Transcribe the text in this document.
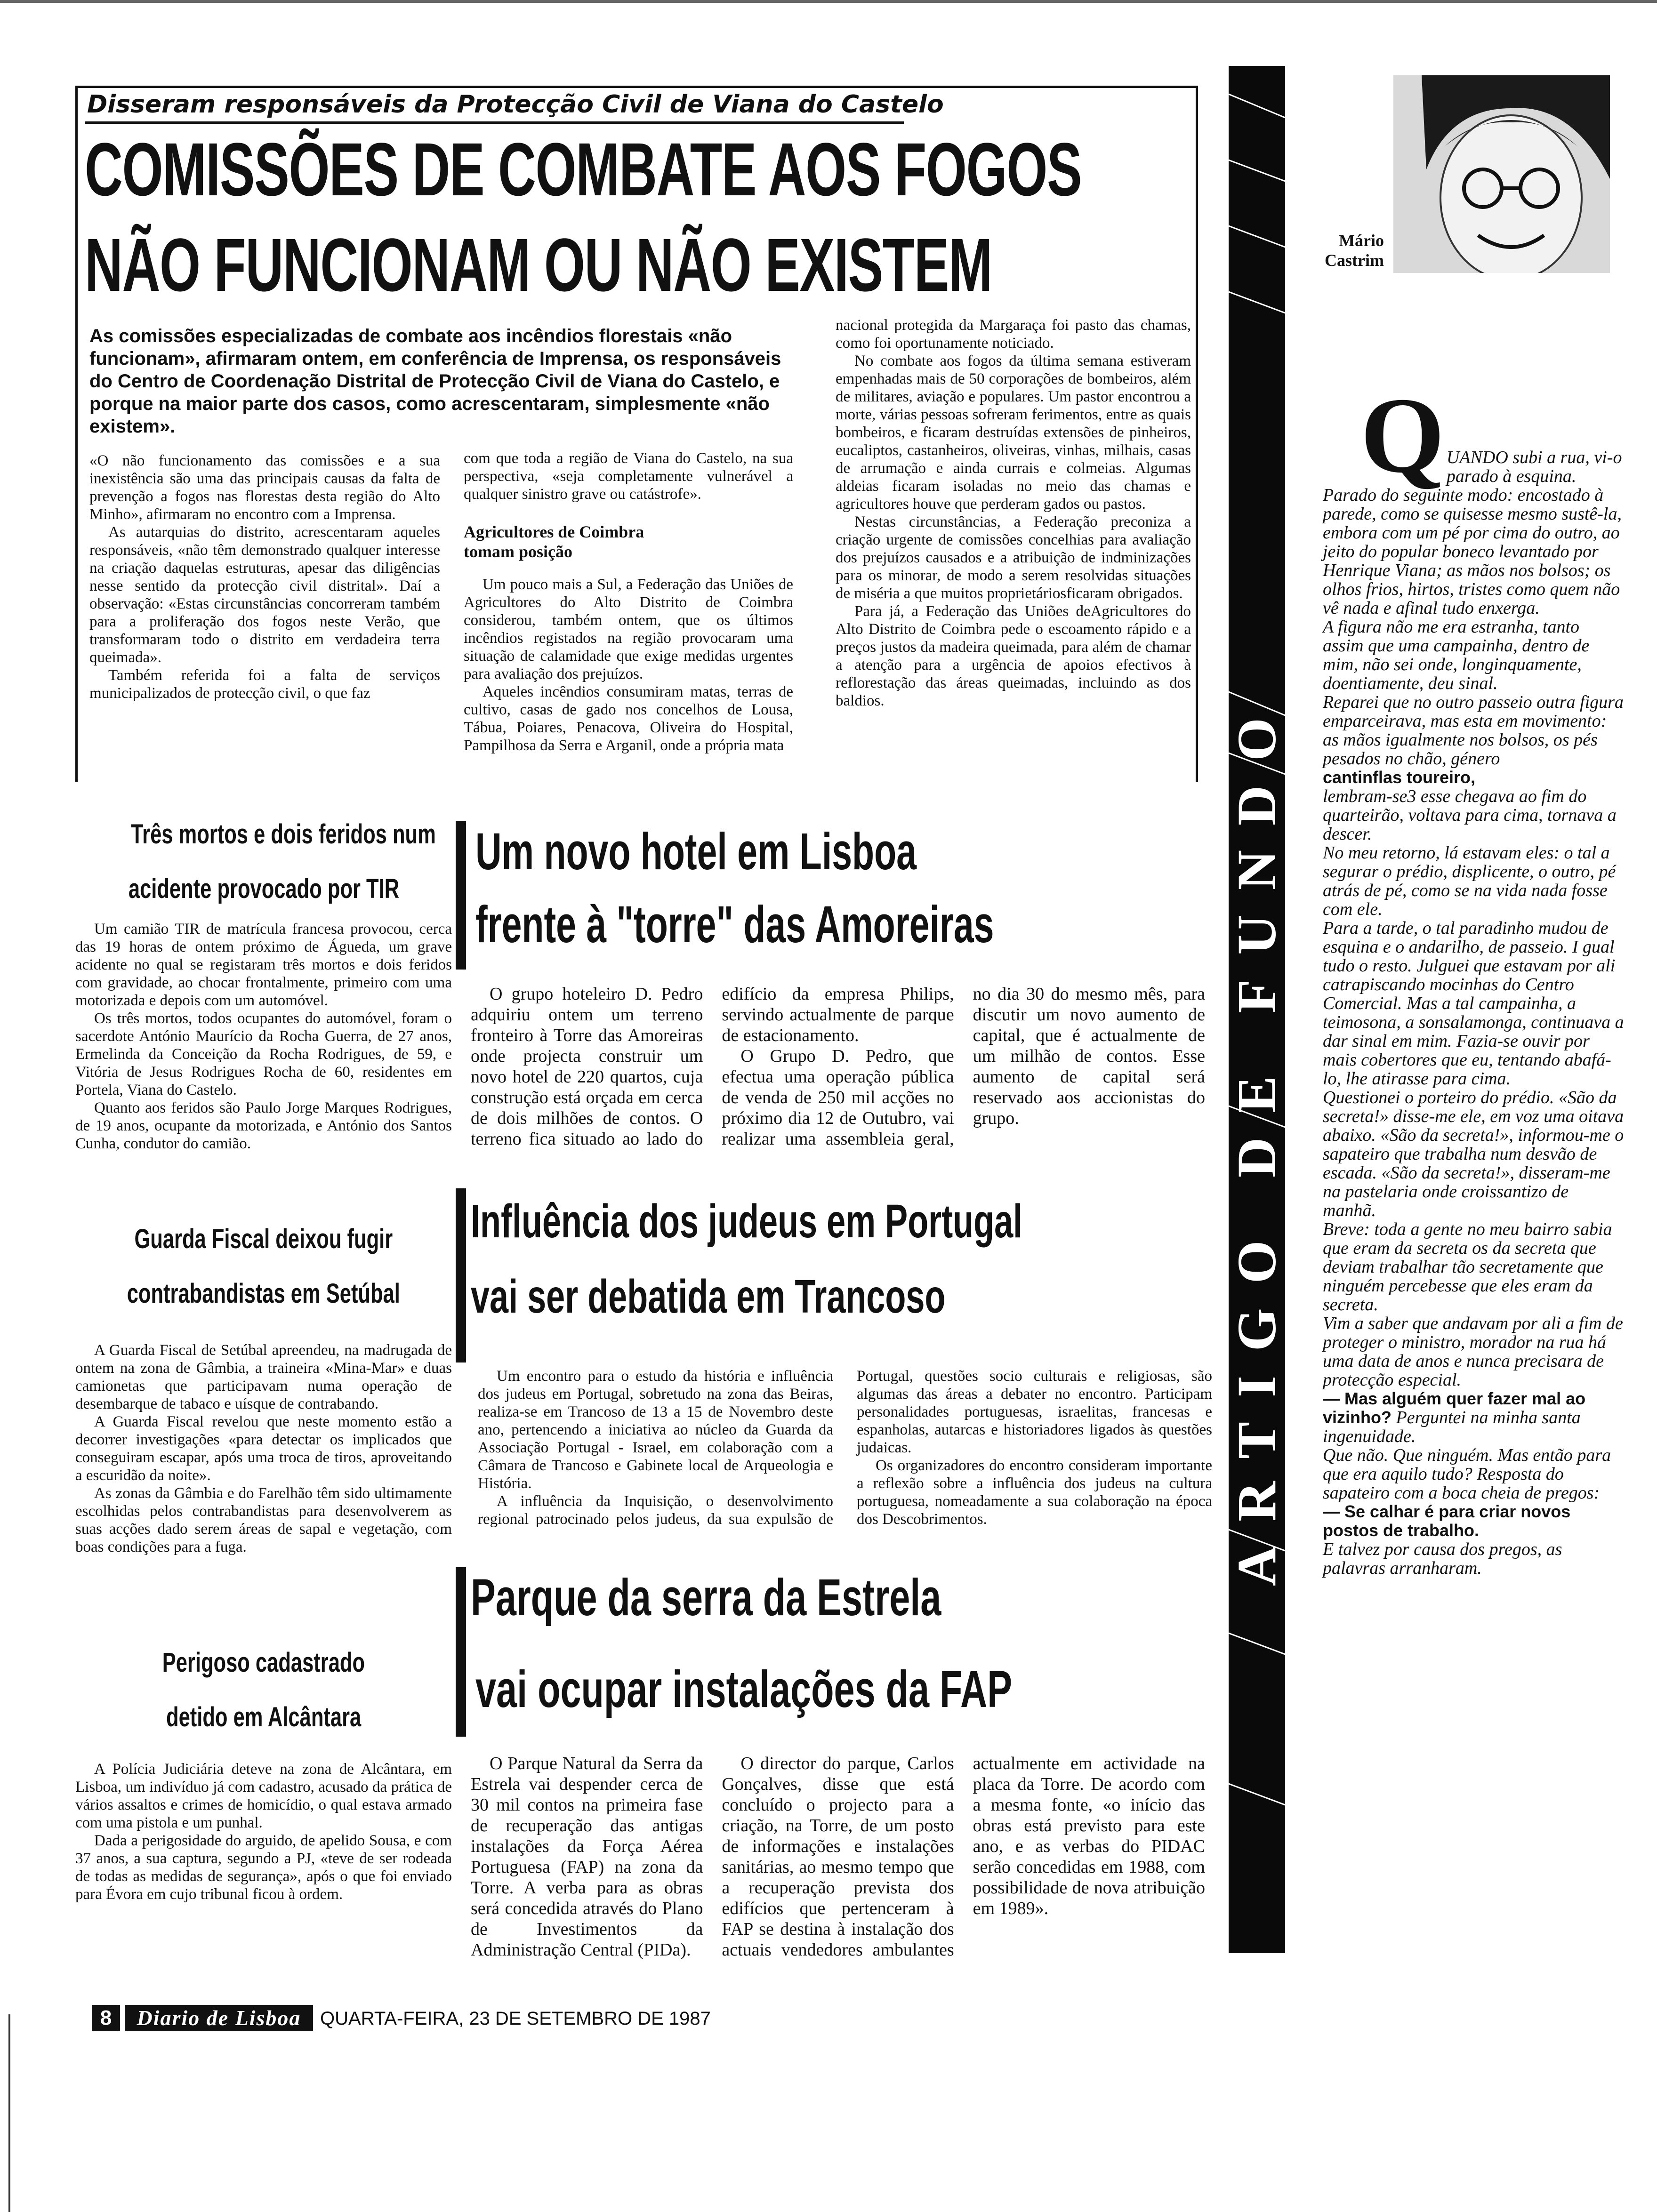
Disseram responsáveis da Protecção Civil de Viana do Castelo
COMISSÕES DE COMBATE AOS FOGOS
NÃO FUNCIONAM OU NÃO EXISTEM

As comissões especializadas de combate aos incêndios florestais «não funcionam», afirmaram ontem, em conferência de Imprensa, os responsáveis do Centro de Coordenação Distrital de Protecção Civil de Viana do Castelo, e porque na maior parte dos casos, como acrescentaram, simplesmente «não existem».

«O não funcionamento das comissões e a sua inexistência são uma das principais causas da falta de prevenção a fogos nas florestas desta região do Alto Minho», afirmaram no encontro com a Imprensa.

As autarquias do distrito, acrescentaram aqueles responsáveis, «não têm demonstrado qualquer interesse na criação daquelas estruturas, apesar das diligências nesse sentido da protecção civil distrital». Daí a observação: «Estas circunstâncias concorreram também para a proliferação dos fogos neste Verão, que transformaram todo o distrito em verdadeira terra queimada».

Também referida foi a falta de serviços municipalizados de protecção civil, o que faz

com que toda a região de Viana do Castelo, na sua perspectiva, «seja completamente vulnerável a qualquer sinistro grave ou catástrofe».

Agricultores de Coimbra
tomam posição

Um pouco mais a Sul, a Federação das Uniões de Agricultores do Alto Distrito de Coimbra considerou, também ontem, que os últimos incêndios registados na região provocaram uma situação de calamidade que exige medidas urgentes para avaliação dos prejuízos.

Aqueles incêndios consumiram matas, terras de cultivo, casas de gado nos concelhos de Lousa, Tábua, Poiares, Penacova, Oliveira do Hospital, Pampilhosa da Serra e Arganil, onde a própria mata

nacional protegida da Margaraça foi pasto das chamas, como foi oportunamente noticiado.

No combate aos fogos da última semana estiveram empenhadas mais de 50 corporações de bombeiros, além de militares, aviação e populares. Um pastor encontrou a morte, várias pessoas sofreram ferimentos, entre as quais bombeiros, e ficaram destruídas extensões de pinheiros, eucaliptos, castanheiros, oliveiras, vinhas, milhais, casas de arrumação e ainda currais e colmeias. Algumas aldeias ficaram isoladas no meio das chamas e agricultores houve que perderam gados ou pastos.

Nestas circunstâncias, a Federação preconiza a criação urgente de comissões concelhias para avaliação dos prejuízos causados e a atribuição de indminizações para os minorar, de modo a serem resolvidas situações de miséria a que muitos proprietáriosficaram obrigados.

Para já, a Federação das Uniões deAgricultores do Alto Distrito de Coimbra pede o escoamento rápido e a preços justos da madeira queimada, para além de chamar a atenção para a urgência de apoios efectivos à reflorestação das áreas queimadas, incluindo as dos baldios.

Três mortos e dois feridos num
acidente provocado por TIR

Um camião TIR de matrícula francesa provocou, cerca das 19 horas de ontem próximo de Águeda, um grave acidente no qual se registaram três mortos e dois feridos com gravidade, ao chocar frontalmente, primeiro com uma motorizada e depois com um automóvel.

Os três mortos, todos ocupantes do automóvel, foram o sacerdote António Maurício da Rocha Guerra, de 27 anos, Ermelinda da Conceição da Rocha Rodrigues, de 59, e Vitória de Jesus Rodrigues Rocha de 60, residentes em Portela, Viana do Castelo.

Quanto aos feridos são Paulo Jorge Marques Rodrigues, de 19 anos, ocupante da motorizada, e António dos Santos Cunha, condutor do camião.

Guarda Fiscal deixou fugir
contrabandistas em Setúbal

A Guarda Fiscal de Setúbal apreendeu, na madrugada de ontem na zona de Gâmbia, a traineira «Mina-Mar» e duas camionetas que participavam numa operação de desembarque de tabaco e uísque de contrabando.

A Guarda Fiscal revelou que neste momento estão a decorrer investigações «para detectar os implicados que conseguiram escapar, após uma troca de tiros, aproveitando a escuridão da noite».

As zonas da Gâmbia e do Farelhão têm sido ultimamente escolhidas pelos contrabandistas para desenvolverem as suas acções dado serem áreas de sapal e vegetação, com boas condições para a fuga.

Perigoso cadastrado
detido em Alcântara

A Polícia Judiciária deteve na zona de Alcântara, em Lisboa, um indivíduo já com cadastro, acusado da prática de vários assaltos e crimes de homicídio, o qual estava armado com uma pistola e um punhal.

Dada a perigosidade do arguido, de apelido Sousa, e com 37 anos, a sua captura, segundo a PJ, «teve de ser rodeada de todas as medidas de segurança», após o que foi enviado para Évora em cujo tribunal ficou à ordem.

Um novo hotel em Lisboa
frente à "torre" das Amoreiras

O grupo hoteleiro D. Pedro adquiriu ontem um terreno fronteiro à Torre das Amoreiras onde projecta construir um novo hotel de 220 quartos, cuja construção está orçada em cerca de dois milhões de contos. O terreno fica situado ao lado do edifício da empresa Philips, servindo actualmente de parque de estacionamento.

O Grupo D. Pedro, que efectua uma operação pública de venda de 250 mil acções no próximo dia 12 de Outubro, vai realizar uma assembleia geral, no dia 30 do mesmo mês, para discutir um novo aumento de capital, que é actualmente de um milhão de contos. Esse aumento de capital será reservado aos accionistas do grupo.

Influência dos judeus em Portugal
vai ser debatida em Trancoso

Um encontro para o estudo da história e influência dos judeus em Portugal, sobretudo na zona das Beiras, realiza-se em Trancoso de 13 a 15 de Novembro deste ano, pertencendo a iniciativa ao núcleo da Guarda da Associação Portugal - Israel, em colaboração com a Câmara de Trancoso e Gabinete local de Arqueologia e História.

A influência da Inquisição, o desenvolvimento regional patrocinado pelos judeus, da sua expulsão de Portugal, questões socio culturais e religiosas, são algumas das áreas a debater no encontro. Participam personalidades portuguesas, israelitas, francesas e espanholas, autarcas e historiadores ligados às questões judaicas.

Os organizadores do encontro consideram importante a reflexão sobre a influência dos judeus na cultura portuguesa, nomeadamente a sua colaboração na época dos Descobrimentos.

Parque da serra da Estrela
vai ocupar instalações da FAP

O Parque Natural da Serra da Estrela vai despender cerca de 30 mil contos na primeira fase de recuperação das antigas instalações da Força Aérea Portuguesa (FAP) na zona da Torre. A verba para as obras será concedida através do Plano de Investimentos da Administração Central (PIDa).

O director do parque, Carlos Gonçalves, disse que está concluído o projecto para a criação, na Torre, de um posto de informações e instalações sanitárias, ao mesmo tempo que a recuperação prevista dos edifícios que pertenceram à FAP se destina à instalação dos actuais vendedores ambulantes actualmente em actividade na placa da Torre. De acordo com a mesma fonte, «o início das obras está previsto para este ano, e as verbas do PIDAC serão concedidas em 1988, com possibilidade de nova atribuição em 1989».

ARTIGO DE FUNDO
Mário
Castrim
Q UANDO subi a rua, vi-o parado à esquina. Parado do seguinte modo: encostado à parede, como se quisesse mesmo sustê-la, embora com um pé por cima do outro, ao jeito do popular boneco levantado por Henrique Viana; as mãos nos bolsos; os olhos frios, hirtos, tristes como quem não vê nada e afinal tudo enxerga.

A figura não me era estranha, tanto assim que uma campainha, dentro de mim, não sei onde, longinquamente, doentiamente, deu sinal.

Reparei que no outro passeio outra figura emparceirava, mas esta em movimento: as mãos igualmente nos bolsos, os pés pesados no chão, género

cantinflas toureiro,

lembram-se3 esse chegava ao fim do quarteirão, voltava para cima, tornava a descer.

No meu retorno, lá estavam eles: o tal a segurar o prédio, displicente, o outro, pé atrás de pé, como se na vida nada fosse com ele.

Para a tarde, o tal paradinho mudou de esquina e o andarilho, de passeio. I gual tudo o resto. Julguei que estavam por ali catrapiscando mocinhas do Centro Comercial. Mas a tal campainha, a teimosona, a sonsalamonga, continuava a dar sinal em mim. Fazia-se ouvir por mais cobertores que eu, tentando abafá-lo, lhe atirasse para cima.

Questionei o porteiro do prédio. «São da secreta!» disse-me ele, em voz uma oitava abaixo. «São da secreta!», informou-me o sapateiro que trabalha num desvão de escada. «São da secreta!», disseram-me na pastelaria onde croissantizo de manhã.

Breve: toda a gente no meu bairro sabia que eram da secreta os da secreta que deviam trabalhar tão secretamente que ninguém percebesse que eles eram da secreta.

Vim a saber que andavam por ali a fim de proteger o ministro, morador na rua há uma data de anos e nunca precisara de protecção especial.

— Mas alguém quer fazer mal ao vizinho? Perguntei na minha santa ingenuidade.

Que não. Que ninguém. Mas então para que era aquilo tudo? Resposta do sapateiro com a boca cheia de pregos:

— Se calhar é para criar novos postos de trabalho.

E talvez por causa dos pregos, as palavras arranharam.

8	Diario de Lisboa	QUARTA-FEIRA, 23 DE SETEMBRO DE 1987
